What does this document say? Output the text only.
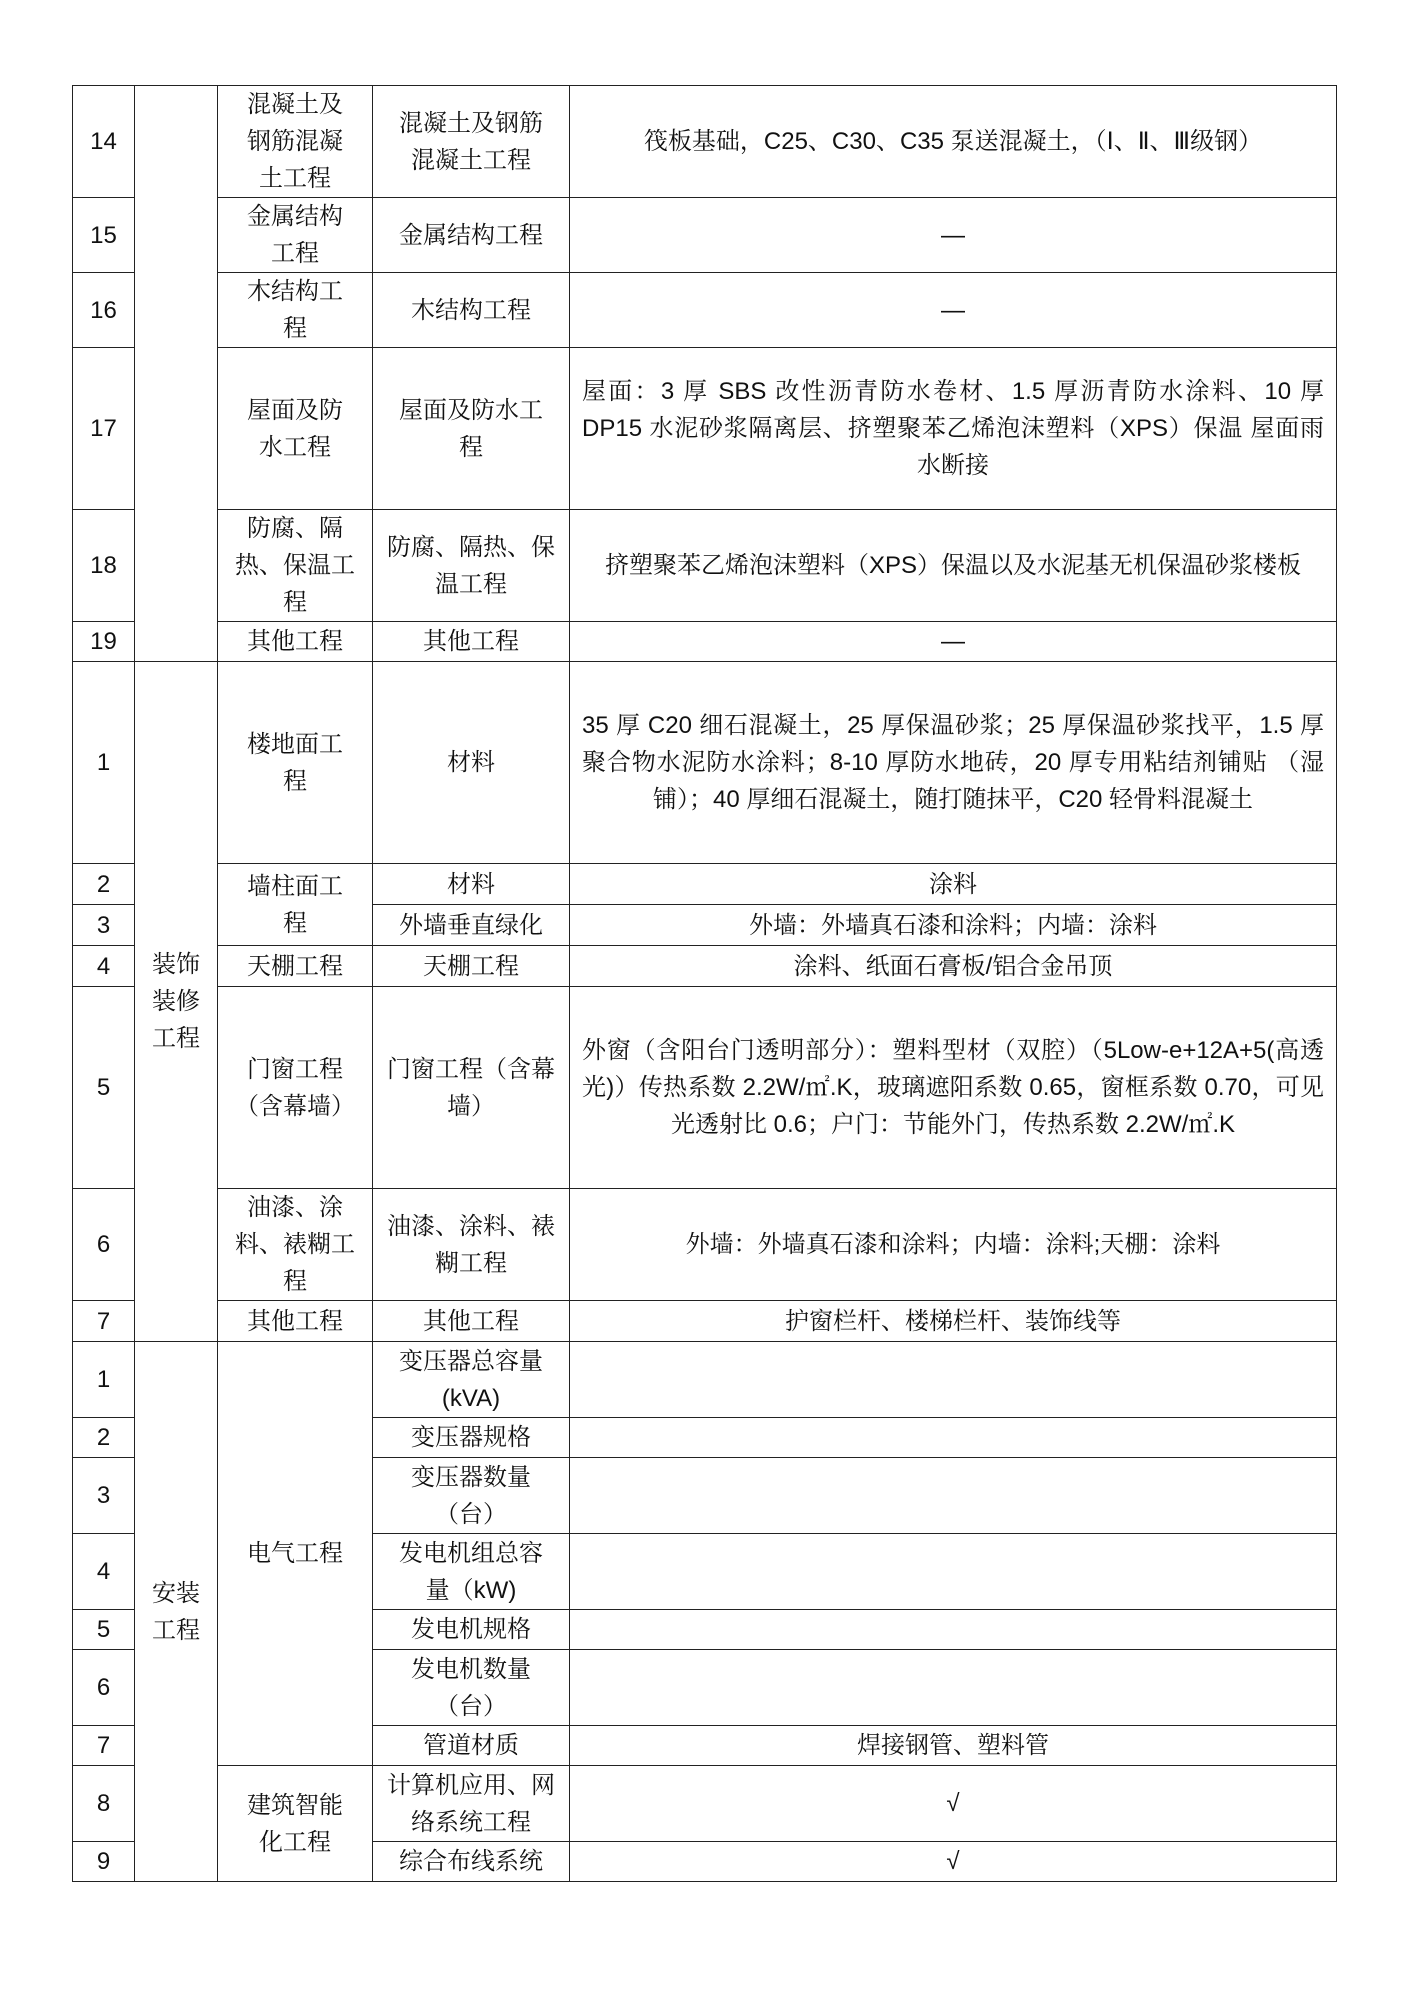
14		混凝土及
钢筋混凝
土工程	混凝土及钢筋
混凝土工程	筏板基础，C25、C30、C35 泵送混凝土，（Ⅰ、Ⅱ、Ⅲ级钢）
15		金属结构
工程	金属结构工程	—
16		木结构工
程	木结构工程	—
17		屋面及防
水工程	屋面及防水工
程	屋面：3 厚 SBS 改性沥青防水卷材、1.5 厚沥青防水涂料、10 厚 DP15 水泥砂浆隔离层、挤塑聚苯乙烯泡沫塑料（XPS）保温 屋面雨水断接
18		防腐、隔
热、保温工
程	防腐、隔热、保
温工程	挤塑聚苯乙烯泡沫塑料（XPS）保温以及水泥基无机保温砂浆楼板
19		其他工程	其他工程	—
1	装饰
装修
工程	楼地面工
程	材料	35 厚 C20 细石混凝土，25 厚保温砂浆；25 厚保温砂浆找平，1.5 厚聚合物水泥防水涂料；8-10 厚防水地砖，20 厚专用粘结剂铺贴 （湿铺）；40 厚细石混凝土，随打随抹平，C20 轻骨料混凝土
2		墙柱面工
程	材料	涂料
3			外墙垂直绿化	外墙：外墙真石漆和涂料；内墙：涂料
4		天棚工程	天棚工程	涂料、纸面石膏板/铝合金吊顶
5		门窗工程
（含幕墙）	门窗工程（含幕
墙）	外窗（含阳台门透明部分）：塑料型材（双腔）（5Low-e+12A+5(高透光)）传热系数 2.2W/㎡.K，玻璃遮阳系数 0.65，窗框系数 0.70，可见光透射比 0.6；户门：节能外门，传热系数 2.2W/㎡.K
6		油漆、涂
料、裱糊工
程	油漆、涂料、裱
糊工程	外墙：外墙真石漆和涂料；内墙：涂料;天棚：涂料
7		其他工程	其他工程	护窗栏杆、楼梯栏杆、装饰线等
1	安装
工程	电气工程	变压器总容量
(kVA)	
2			变压器规格	
3			变压器数量
（台）	
4			发电机组总容
量（kW)	
5			发电机规格	
6			发电机数量
（台）	
7			管道材质	焊接钢管、塑料管
8		建筑智能
化工程	计算机应用、网
络系统工程	√
9			综合布线系统	√
